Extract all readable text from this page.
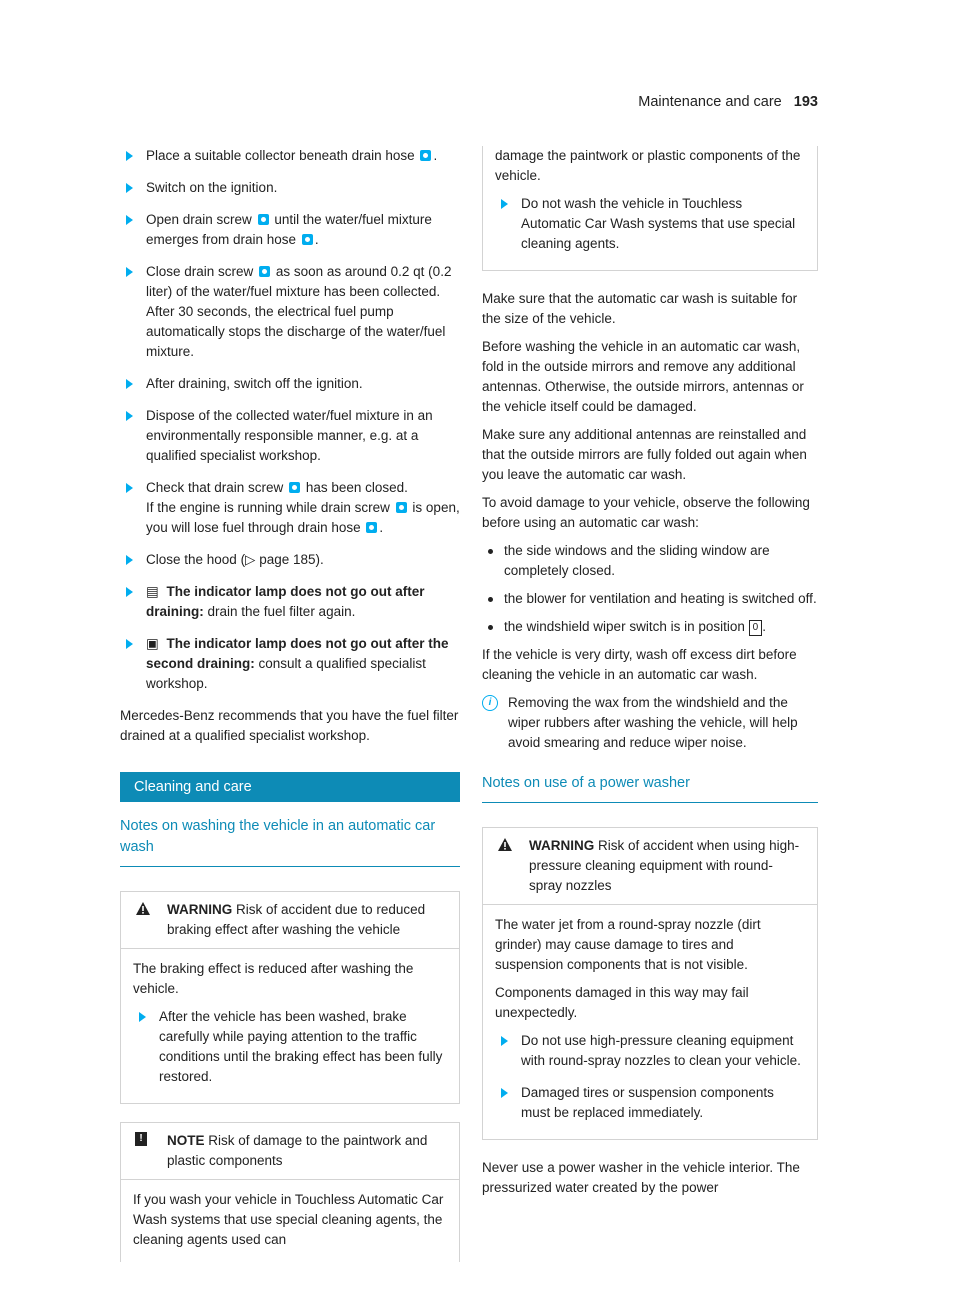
Maintenance and care 193
Place a suitable collector beneath drain hose .
Switch on the ignition.
Open drain screw until the water/fuel mixture emerges from drain hose .
Close drain screw as soon as around 0.2 qt (0.2 liter) of the water/fuel mixture has been collected.
After 30 seconds, the electrical fuel pump automatically stops the discharge of the water/fuel mixture.
After draining, switch off the ignition.
Dispose of the collected water/fuel mixture in an environmentally responsible manner, e.g. at a qualified specialist workshop.
Check that drain screw has been closed.
If the engine is running while drain screw is open, you will lose fuel through drain hose .
Close the hood (▷ page 185).
▤ The indicator lamp does not go out after draining: drain the fuel filter again.
▣ The indicator lamp does not go out after the second draining: consult a qualified specialist workshop.

Mercedes-Benz recommends that you have the fuel filter drained at a qualified specialist workshop.

Cleaning and care
Notes on washing the vehicle in an automatic car wash
WARNING Risk of accident due to reduced braking effect after washing the vehicle

The braking effect is reduced after washing the vehicle.

After the vehicle has been washed, brake carefully while paying attention to the traffic conditions until the braking effect has been fully restored.
!	NOTE Risk of damage to the paintwork and plastic components

If you wash your vehicle in Touchless Automatic Car Wash systems that use special cleaning agents, the cleaning agents used can

damage the paintwork or plastic components of the vehicle.

Do not wash the vehicle in Touchless Automatic Car Wash systems that use special cleaning agents.

Make sure that the automatic car wash is suitable for the size of the vehicle.

Before washing the vehicle in an automatic car wash, fold in the outside mirrors and remove any additional antennas. Otherwise, the outside mirrors, antennas or the vehicle itself could be damaged.

Make sure any additional antennas are reinstalled and that the outside mirrors are fully folded out again when you leave the automatic car wash.

To avoid damage to your vehicle, observe the following before using an automatic car wash:

the side windows and the sliding window are completely closed.
the blower for ventilation and heating is switched off.
the windshield wiper switch is in position 0 .

If the vehicle is very dirty, wash off excess dirt before cleaning the vehicle in an automatic car wash.

i	Removing the wax from the windshield and the wiper rubbers after washing the vehicle, will help avoid smearing and reduce wiper noise.
Notes on use of a power washer
WARNING Risk of accident when using high-pressure cleaning equipment with round-spray nozzles

The water jet from a round-spray nozzle (dirt grinder) may cause damage to tires and suspension components that is not visible.

Components damaged in this way may fail unexpectedly.

Do not use high-pressure cleaning equipment with round-spray nozzles to clean your vehicle.
Damaged tires or suspension components must be replaced immediately.

Never use a power washer in the vehicle interior. The pressurized water created by the power
